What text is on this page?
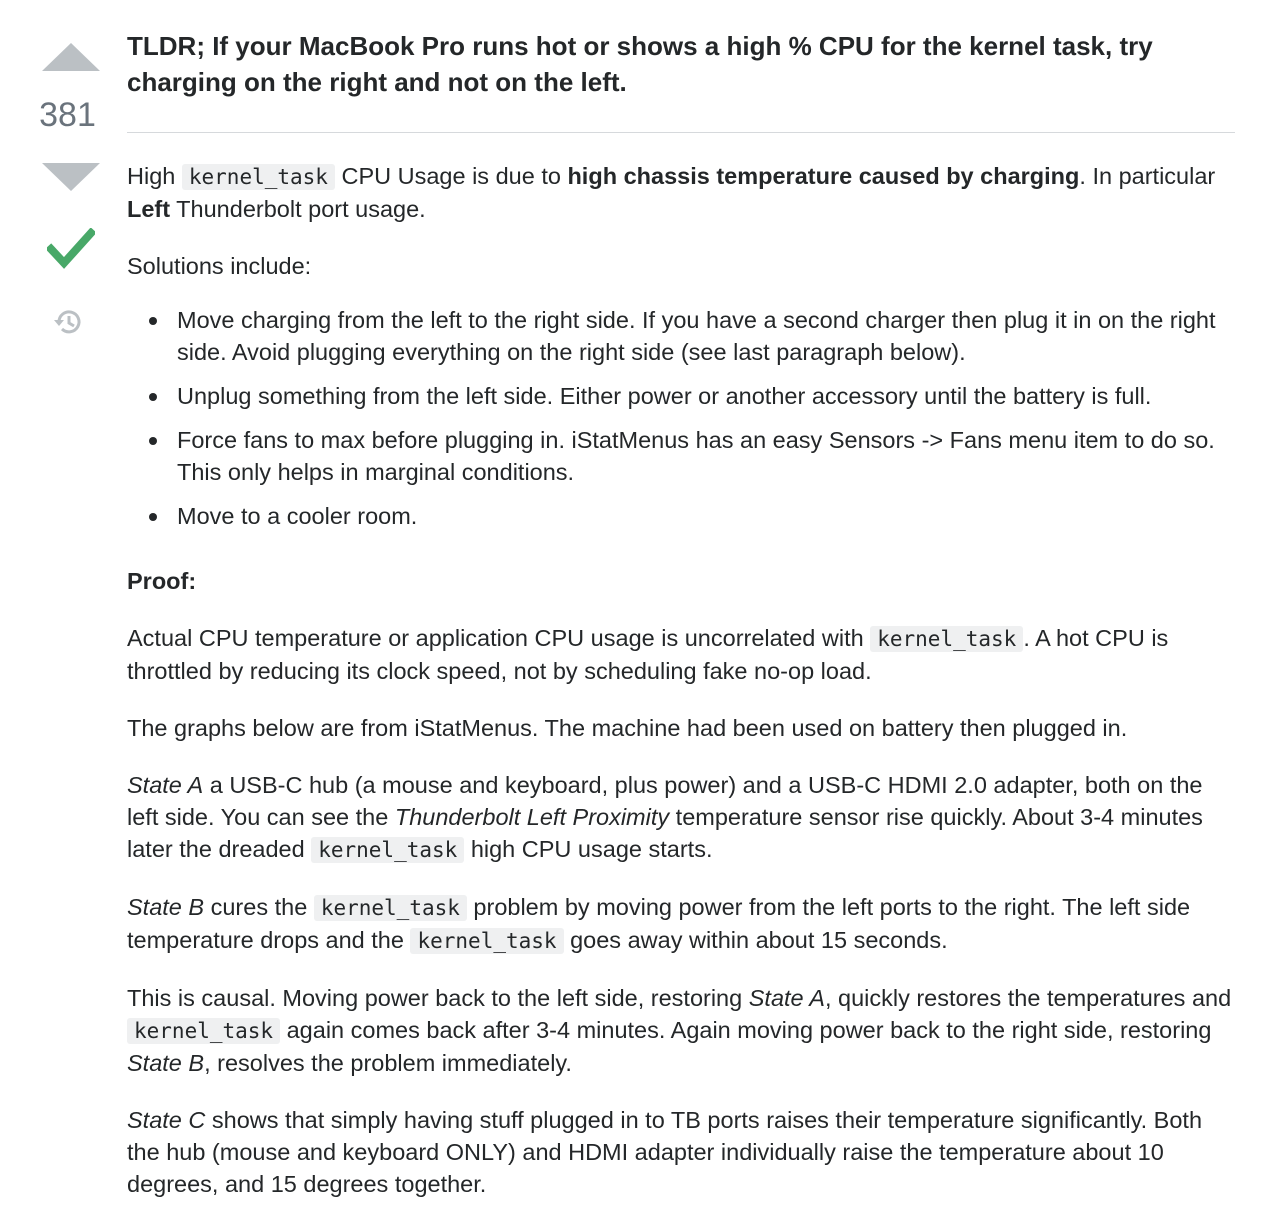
381
TLDR; If your MacBook Pro runs hot or shows a high % CPU for the kernel task, try charging on the right and not on the left.

High kernel_task CPU Usage is due to high chassis temperature caused by charging. In particular Left Thunderbolt port usage.

Solutions include:

Move charging from the left to the right side. If you have a second charger then plug it in on the right side. Avoid plugging everything on the right side (see last paragraph below).
Unplug something from the left side. Either power or another accessory until the battery is full.
Force fans to max before plugging in. iStatMenus has an easy Sensors -> Fans menu item to do so. This only helps in marginal conditions.
Move to a cooler room.

Proof:

Actual CPU temperature or application CPU usage is uncorrelated with kernel_task . A hot CPU is throttled by reducing its clock speed, not by scheduling fake no-op load.

The graphs below are from iStatMenus. The machine had been used on battery then plugged in.

State A a USB-C hub (a mouse and keyboard, plus power) and a USB-C HDMI 2.0 adapter, both on the left side. You can see the Thunderbolt Left Proximity temperature sensor rise quickly. About 3-4 minutes later the dreaded kernel_task high CPU usage starts.

State B cures the kernel_task problem by moving power from the left ports to the right. The left side temperature drops and the kernel_task goes away within about 15 seconds.

This is causal. Moving power back to the left side, restoring State A, quickly restores the temperatures and kernel_task again comes back after 3-4 minutes. Again moving power back to the right side, restoring State B, resolves the problem immediately.

State C shows that simply having stuff plugged in to TB ports raises their temperature significantly. Both the hub (mouse and keyboard ONLY) and HDMI adapter individually raise the temperature about 10 degrees, and 15 degrees together.
